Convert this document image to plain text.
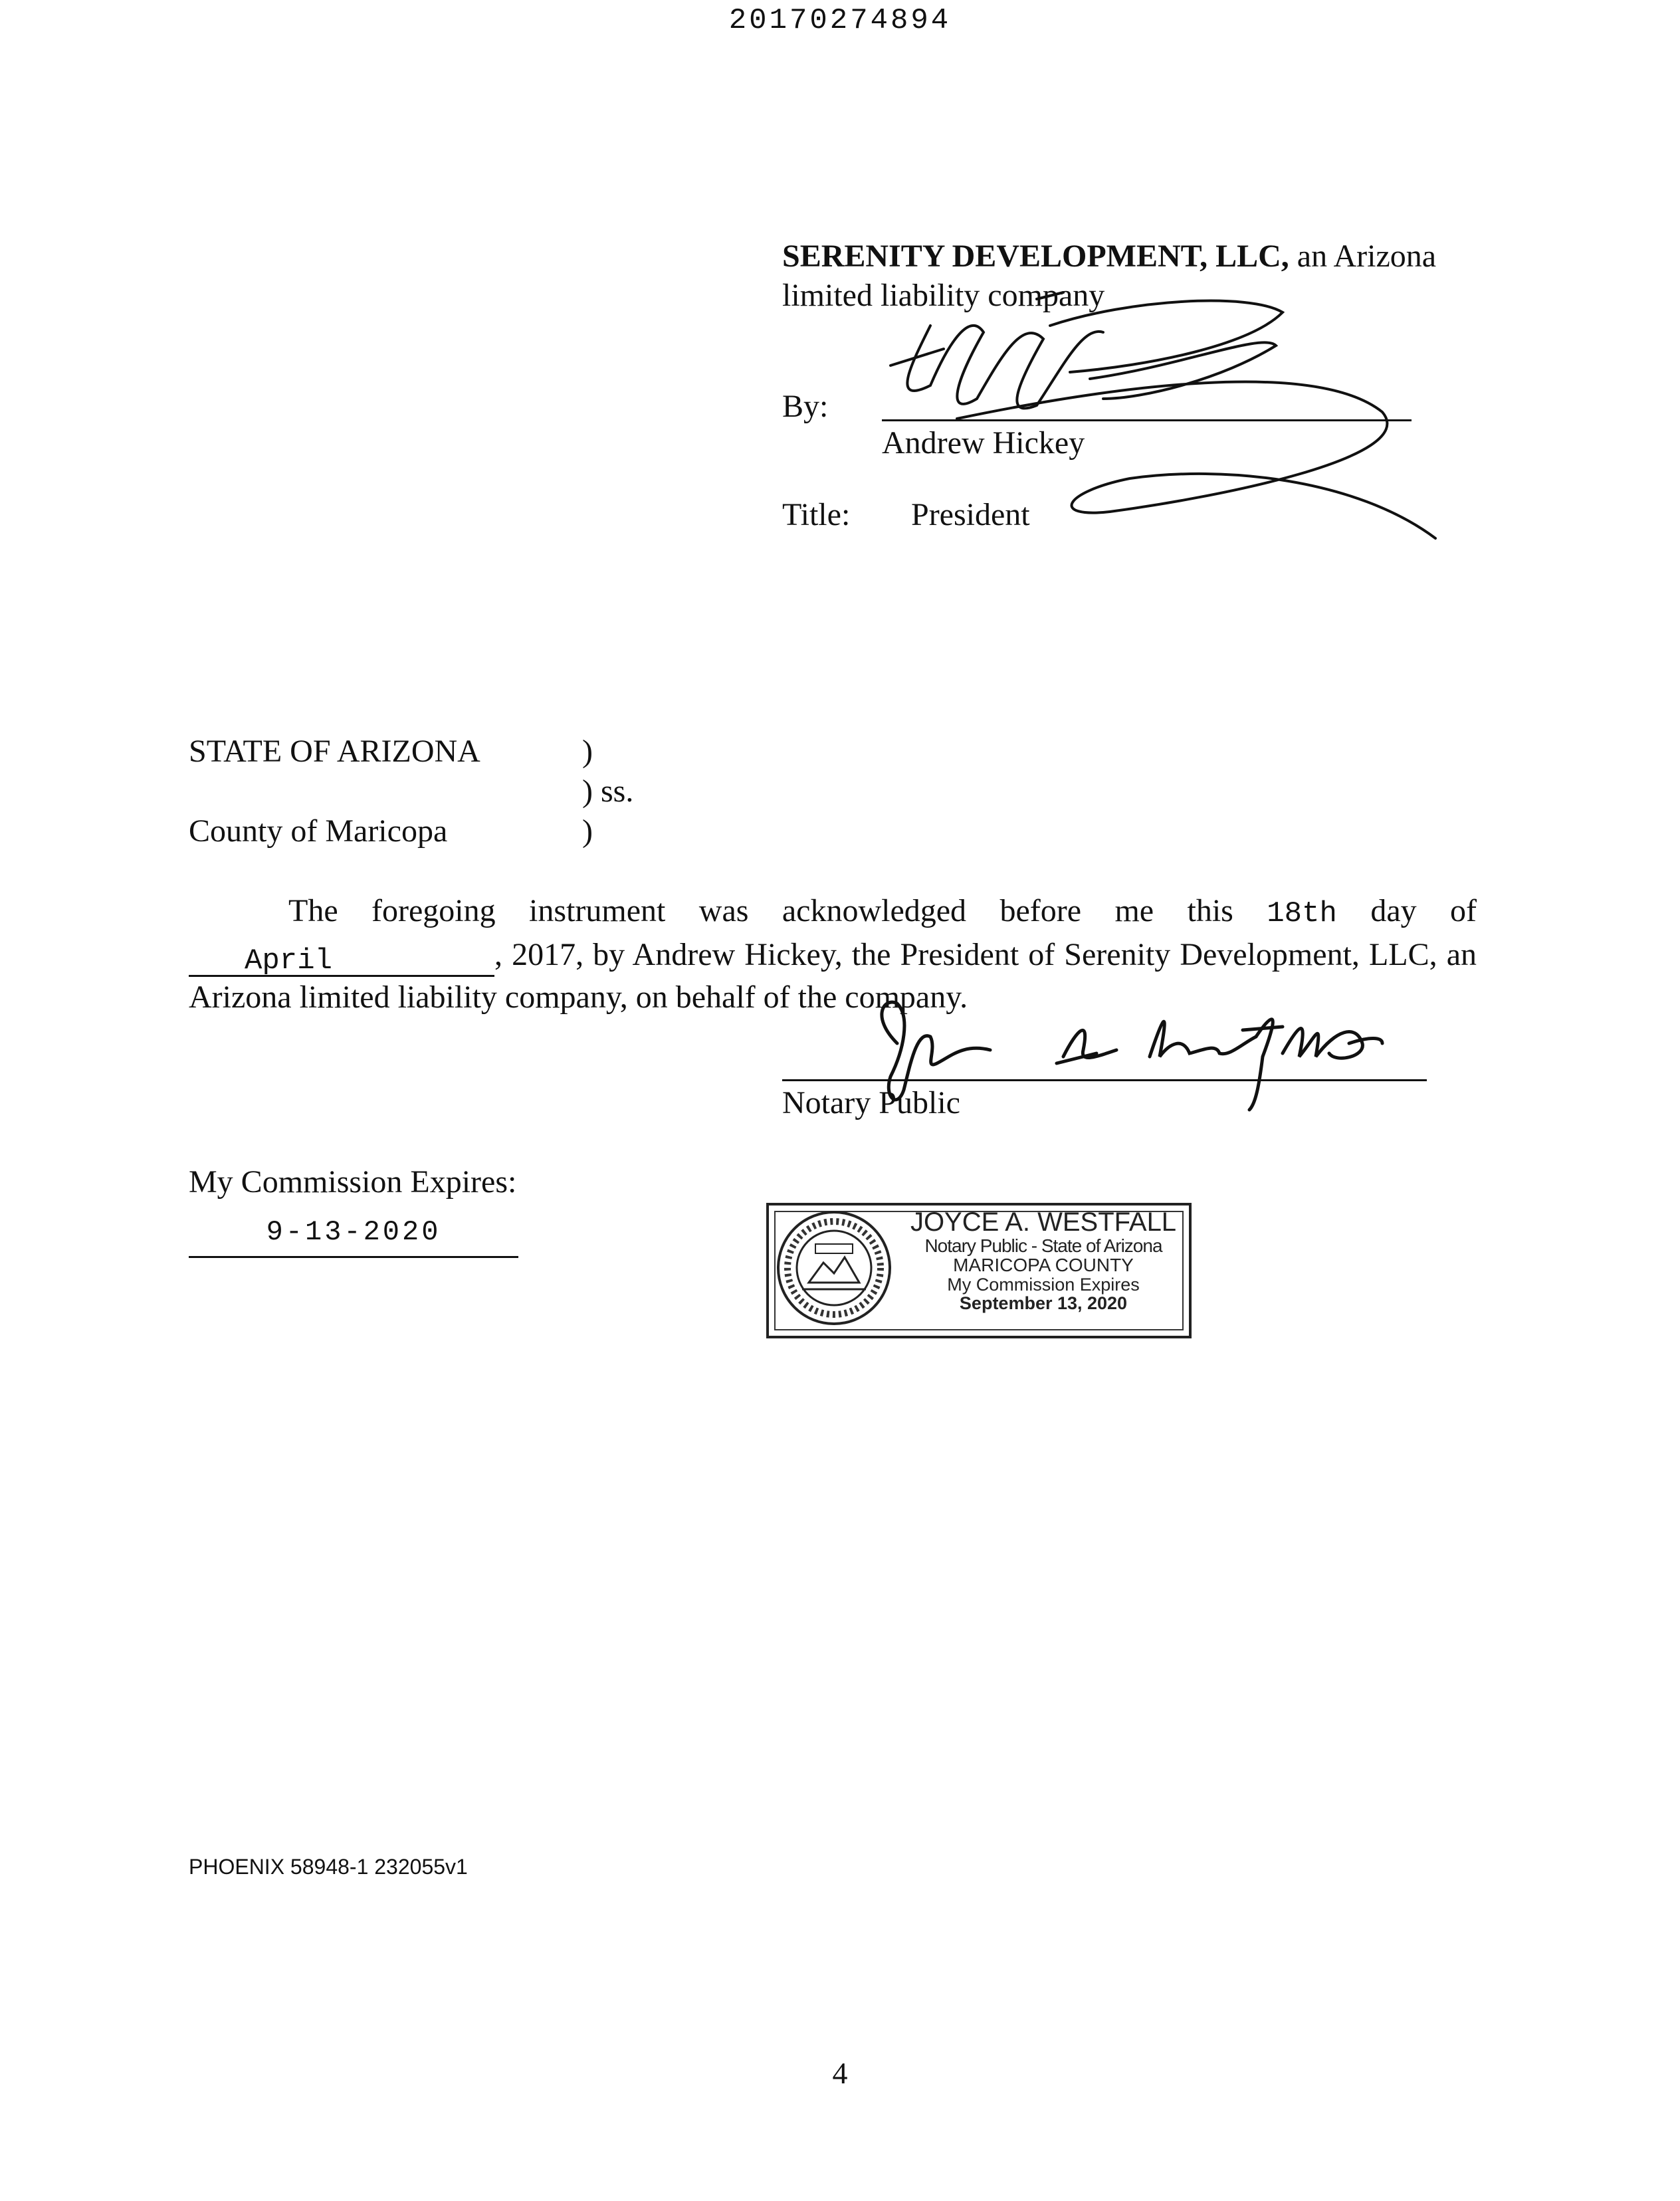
20170274894
SERENITY DEVELOPMENT, LLC, an Arizona
limited liability company
By:
Andrew Hickey
Title: President
STATE OF ARIZONA
County of Maricopa
)
) ss.
)
The foregoing instrument was acknowledged before me this 18th day of
April	, 2017, by Andrew Hickey, the President of Serenity Development, LLC, an
Arizona limited liability company, on behalf of the company.
Notary Public
My Commission Expires:
9-13-2020	JOYCE A. WESTFALL
Notary Public - State of Arizona
MARICOPA COUNTY
My Commission Expires
September 13, 2020
PHOENIX 58948-1 232055v1
4
